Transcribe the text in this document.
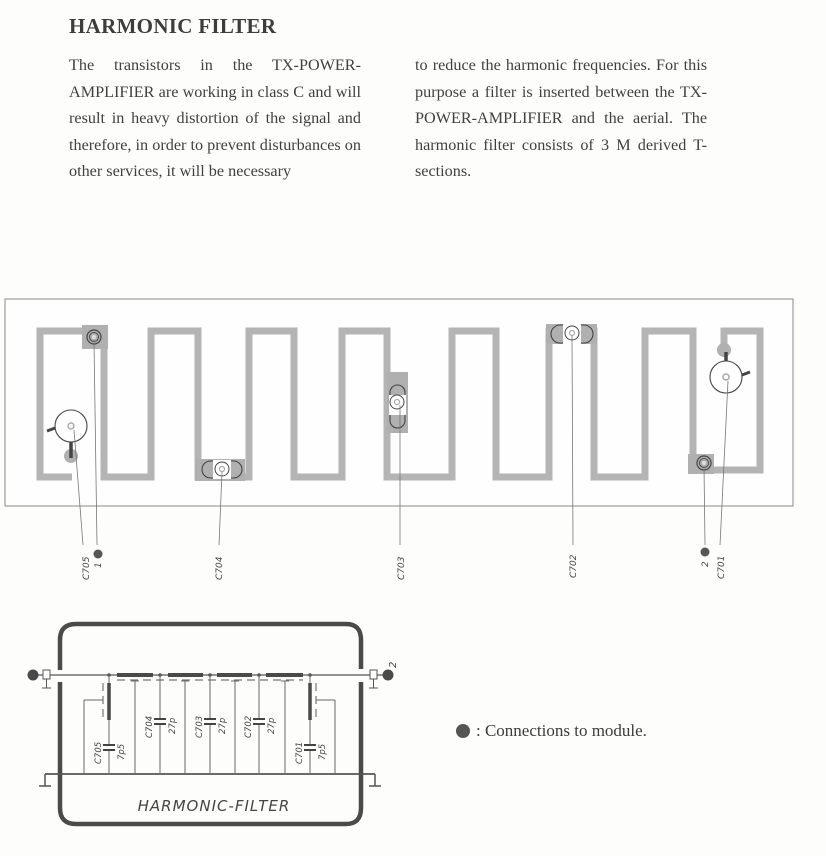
HARMONIC FILTER

The transistors in the TX-POWER-AMPLIFIER are working in class C and will result in heavy distortion of the signal and therefore, in order to prevent disturbances on other services, it will be necessary

to reduce the harmonic frequencies. For this purpose a filter is inserted between the TX-POWER-AMPLIFIER and the aerial. The harmonic filter consists of 3 M derived T-sections.

C705 1	C704	C703	C702	2 C701
2
C705 7p5
C704 27p C703 27p C702 27p
C701 7p5
HARMONIC-FILTER
: Connections to module.
